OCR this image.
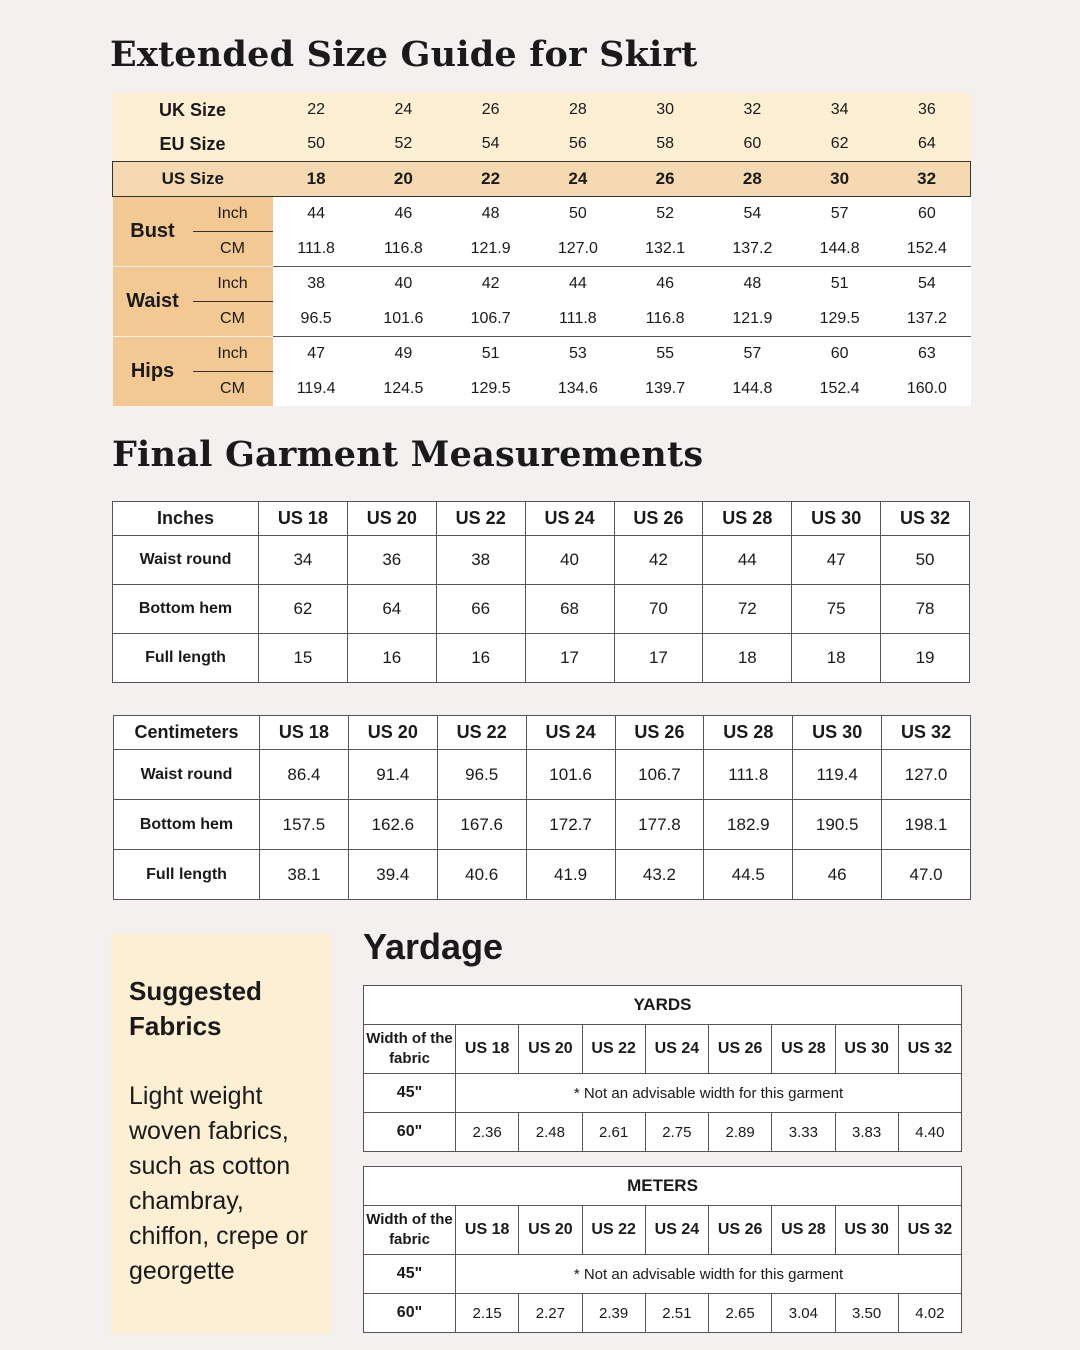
Extended Size Guide for Skirt
UK Size		22	24	26	28	30	32	34	36
EU Size		50	52	54	56	58	60	62	64
US Size		18	20	22	24	26	28	30	32
Bust	Inch	44	46	48	50	52	54	57	60
	CM	111.8	116.8	121.9	127.0	132.1	137.2	144.8	152.4
Waist	Inch	38	40	42	44	46	48	51	54
	CM	96.5	101.6	106.7	111.8	116.8	121.9	129.5	137.2
Hips	Inch	47	49	51	53	55	57	60	63
	CM	119.4	124.5	129.5	134.6	139.7	144.8	152.4	160.0
Final Garment Measurements
Inches	US 18	US 20	US 22	US 24	US 26	US 28	US 30	US 32
Waist round	34	36	38	40	42	44	47	50
Bottom hem	62	64	66	68	70	72	75	78
Full length	15	16	16	17	17	18	18	19
Centimeters	US 18	US 20	US 22	US 24	US 26	US 28	US 30	US 32
Waist round	86.4	91.4	96.5	101.6	106.7	111.8	119.4	127.0
Bottom hem	157.5	162.6	167.6	172.7	177.8	182.9	190.5	198.1
Full length	38.1	39.4	40.6	41.9	43.2	44.5	46	47.0
Suggested Fabrics
Light weight woven fabrics, such as cotton chambray, chiffon, crepe or georgette
Yardage
YARDS								
Width of the fabric	US 18	US 20	US 22	US 24	US 26	US 28	US 30	US 32
45"	* Not an advisable width for this garment							
60"	2.36	2.48	2.61	2.75	2.89	3.33	3.83	4.40
METERS								
Width of the fabric	US 18	US 20	US 22	US 24	US 26	US 28	US 30	US 32
45"	* Not an advisable width for this garment							
60"	2.15	2.27	2.39	2.51	2.65	3.04	3.50	4.02
